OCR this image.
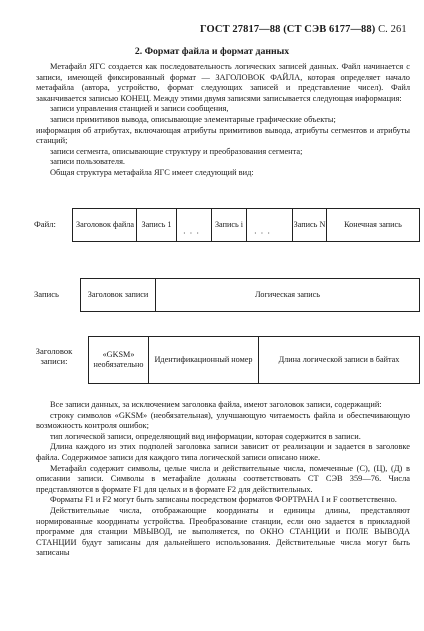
ГОСТ 27817—88 (СТ СЭВ 6177—88) С. 261
2. Формат файла и формат данных

Метафайл ЯГС создается как последовательность логических записей данных. Файл начинается с записи, имеющей фиксированный формат — ЗАГОЛОВОК ФАЙЛА, которая определяет начало метафайла (автора, устройство, формат следующих записей и представление чисел). Файл заканчивается записью КОНЕЦ. Между этими двумя записями записывается следующая информация:

записи управления станцией и записи сообщения,

записи примитивов вывода, описывающие элементарные графические объекты;

информация об атрибутах, включающая атрибуты примитивов вывода, атрибуты сегментов и атрибуты станций;

записи сегмента, описывающие структуру и преобразования сегмента;

записи пользователя.

Общая структура метафайла ЯГС имеет следующий вид:

Файл: Заголовок файла Запись 1
· · ·
Запись i
· · ·
Запись N	Конечная запись
Запись	Заголовок записи	Логическая запись
Заголовок записи:
«GKSM» необязательно
Идентификационный номер	Длина логической записи в байтах

Все записи данных, за исключением заголовка файла, имеют заголовок записи, содержащий:

строку символов «GKSM» (необязательная), улучшающую читаемость файла и обеспечивающую возможность контроля ошибок;

тип логической записи, определяющий вид информации, которая содержится в записи.

Длина каждого из этих подполей заголовка записи зависит от реализации и задается в заголовке файла. Содержимое записи для каждого типа логической записи описано ниже.

Метафайл содержит символы, целые числа и действительные числа, помеченные (С), (Ц), (Д) в описании записи. Символы в метафайле должны соответствовать СТ СЭВ 359—76. Числа представляются в формате F1 для целых и в формате F2 для действительных.

Форматы F1 и F2 могут быть записаны посредством форматов ФОРТРАНА I и F соответственно.

Действительные числа, отображающие координаты и единицы длины, представляют нормированные координаты устройства. Преобразование станции, если оно задается в прикладной программе для станции МВЫВОД, не выполняется, по ОКНО СТАНЦИИ и ПОЛЕ ВЫВОДА СТАНЦИИ будут записаны для дальнейшего использования. Действительные числа могут быть записаны
